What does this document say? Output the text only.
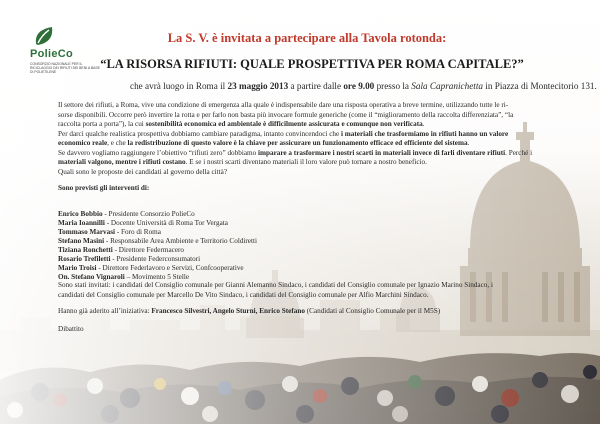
PolieCo
CONSORZIO NAZIONALE PER IL RICICLAGGIO DEI RIFIUTI DEI BENI A BASE DI POLIETILENE
La S. V. è invitata a partecipare alla Tavola rotonda:
“LA RISORSA RIFIUTI: QUALE PROSPETTIVA PER ROMA CAPITALE?”
che avrà luogo in Roma il 23 maggio 2013 a partire dalle ore 9.00 presso la Sala Capranichetta in Piazza di Montecitorio 131.
Il settore dei rifiuti, a Roma, vive una condizione di emergenza alla quale è indispensabile dare una risposta operativa a breve termine, utilizzando tutte le ri-
sorse disponibili. Occorre però invertire la rotta e per farlo non basta più invocare formule generiche (come il “miglioramento della raccolta differenziata”, “la
raccolta porta a porta”), la cui sostenibilità economica ed ambientale è difficilmente assicurata e comunque non verificata.
Per darci qualche realistica prospettiva dobbiamo cambiare paradigma, intanto convincendoci che i materiali che trasformiamo in rifiuti hanno un valore
economico reale, e che la redistribuzione di questo valore è la chiave per assicurare un funzionamento efficace ed efficiente del sistema.
Se davvero vogliamo raggiungere l’obiettivo “rifiuti zero” dobbiamo imparare a trasformare i nostri scarti in materiali invece di farli diventare rifiuti. Perché i
materiali valgono, mentre i rifiuti costano. E se i nostri scarti diventano materiali il loro valore può tornare a nostro beneficio.
Quali sono le proposte dei candidati al governo della città?
Sono previsti gli interventi di:
Enrico Bobbio - Presidente Consorzio PolieCo
Maria Ioannilli - Docente Università di Roma Tor Vergata
Tommaso Marvasi - Foro di Roma
Stefano Masini - Responsabile Area Ambiente e Territorio Coldiretti
Tiziana Ronchetti - Direttore Federmacero
Rosario Trefiletti - Presidente Federconsumatori
Mario Troisi - Direttore Federlavoro e Servizi, Confcooperative
On. Stefano Vignaroli – Movimento 5 Stelle
Sono stati invitati: i candidati del Consiglio comunale per Gianni Alemanno Sindaco, i candidati del Consiglio comunale per Ignazio Marino Sindaco, i
candidati del Consiglio comunale per Marcello De Vito Sindaco, i candidati del Consiglio comunale per Alfio Marchini Sindaco.
Hanno già aderito all’iniziativa: Francesco Silvestri, Angelo Sturni, Enrico Stefano (Candidati al Consiglio Comunale per il M5S)
Dibattito
